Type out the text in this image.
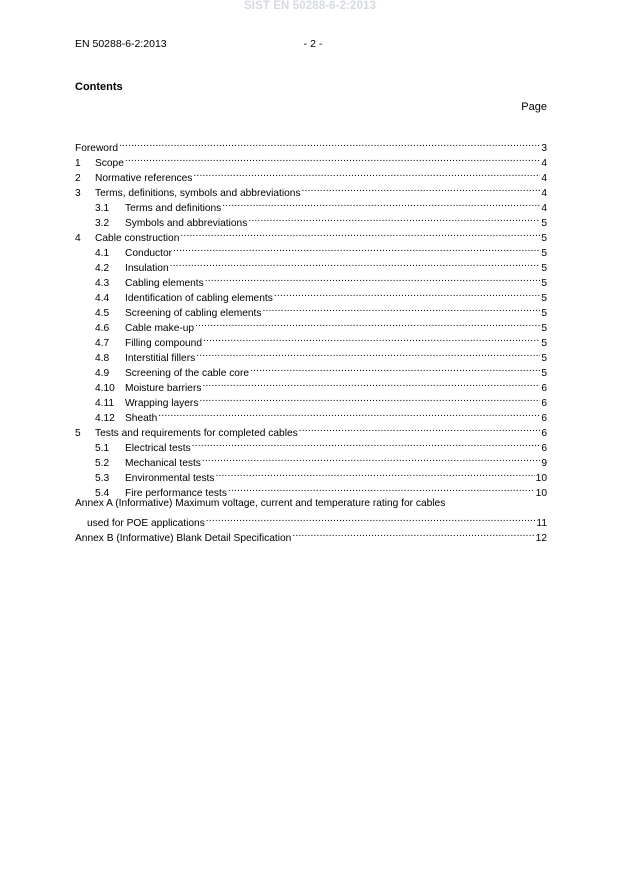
SIST EN 50288-6-2:2013
EN 50288-6-2:2013	- 2 -
Contents
Page
Foreword .....	3
1	Scope .....	4
2	Normative references .....	4
3	Terms, definitions, symbols and abbreviations .....	4
3.1	Terms and definitions .....	4
3.2	Symbols and abbreviations .....	5
4	Cable construction .....	5
4.1	Conductor .....	5
4.2	Insulation .....	5
4.3	Cabling elements .....	5
4.4	Identification of cabling elements .....	5
4.5	Screening of cabling elements .....	5
4.6	Cable make-up .....	5
4.7	Filling compound .....	5
4.8	Interstitial fillers .....	5
4.9	Screening of the cable core .....	5
4.10 Moisture barriers .....	6
4.11	Wrapping layers .....	6
4.12 Sheath .....	6
5	Tests and requirements for completed cables .....	6
5.1	Electrical tests .....	6
5.2	Mechanical tests .....	9
5.3	Environmental tests .....	10
5.4	Fire performance tests .....	10
Annex A (Informative) Maximum voltage, current and temperature rating for cables
used for POE applications .....	11
Annex B (Informative) Blank Detail Specification .....	12
